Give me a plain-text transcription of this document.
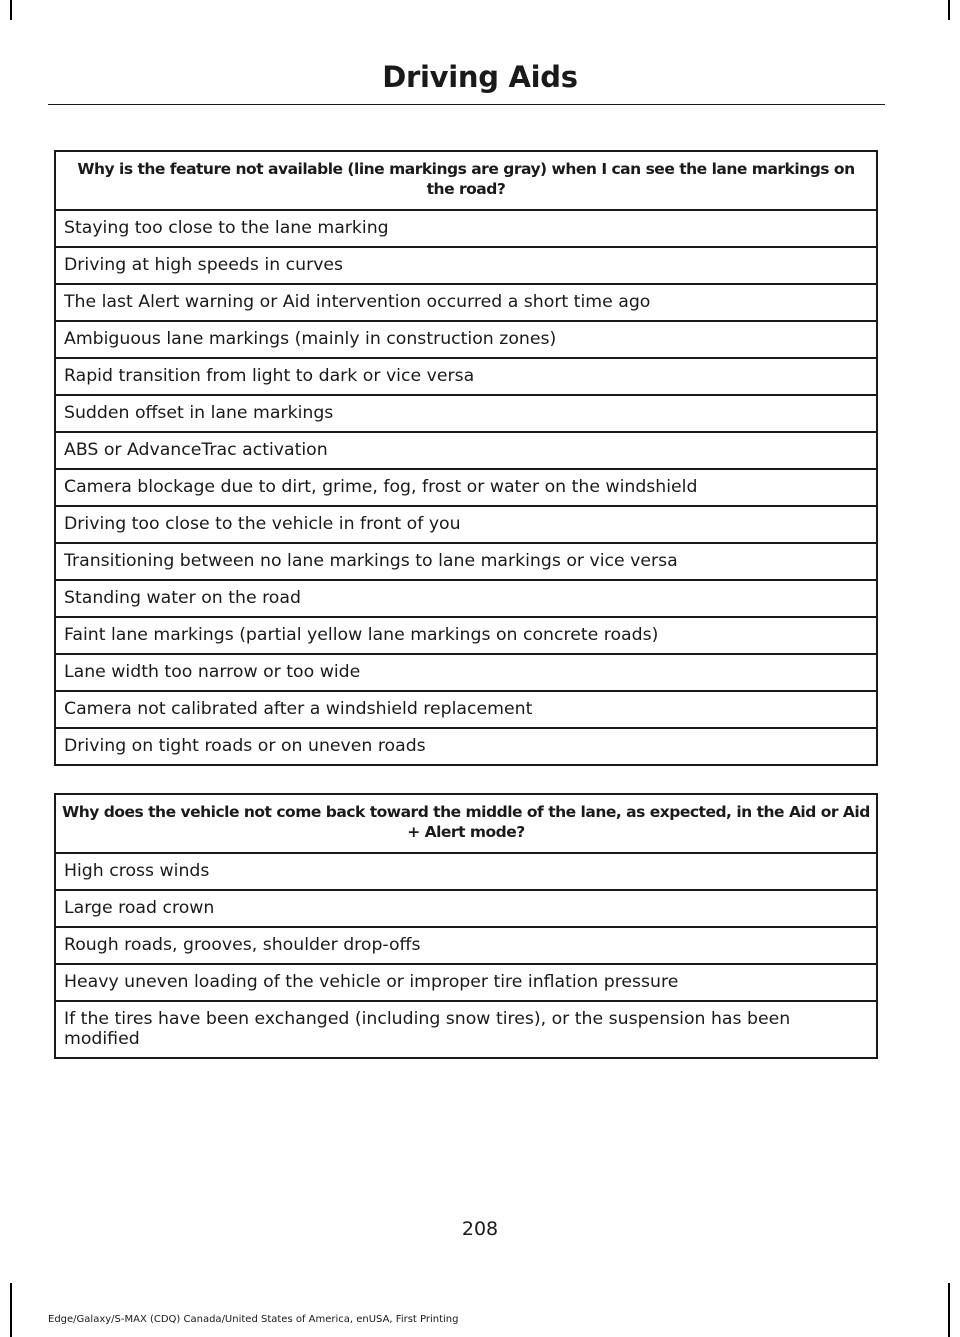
Driving Aids
Why is the feature not available (line markings are gray) when I can see the lane markings on the road?
Staying too close to the lane marking
Driving at high speeds in curves
The last Alert warning or Aid intervention occurred a short time ago
Ambiguous lane markings (mainly in construction zones)
Rapid transition from light to dark or vice versa
Sudden offset in lane markings
ABS or AdvanceTrac activation
Camera blockage due to dirt, grime, fog, frost or water on the windshield
Driving too close to the vehicle in front of you
Transitioning between no lane markings to lane markings or vice versa
Standing water on the road
Faint lane markings (partial yellow lane markings on concrete roads)
Lane width too narrow or too wide
Camera not calibrated after a windshield replacement
Driving on tight roads or on uneven roads
Why does the vehicle not come back toward the middle of the lane, as expected, in the Aid or Aid + Alert mode?
High cross winds
Large road crown
Rough roads, grooves, shoulder drop-offs
Heavy uneven loading of the vehicle or improper tire inflation pressure
If the tires have been exchanged (including snow tires), or the suspension has been modified
208
Edge/Galaxy/S-MAX (CDQ) Canada/United States of America, enUSA, First Printing
